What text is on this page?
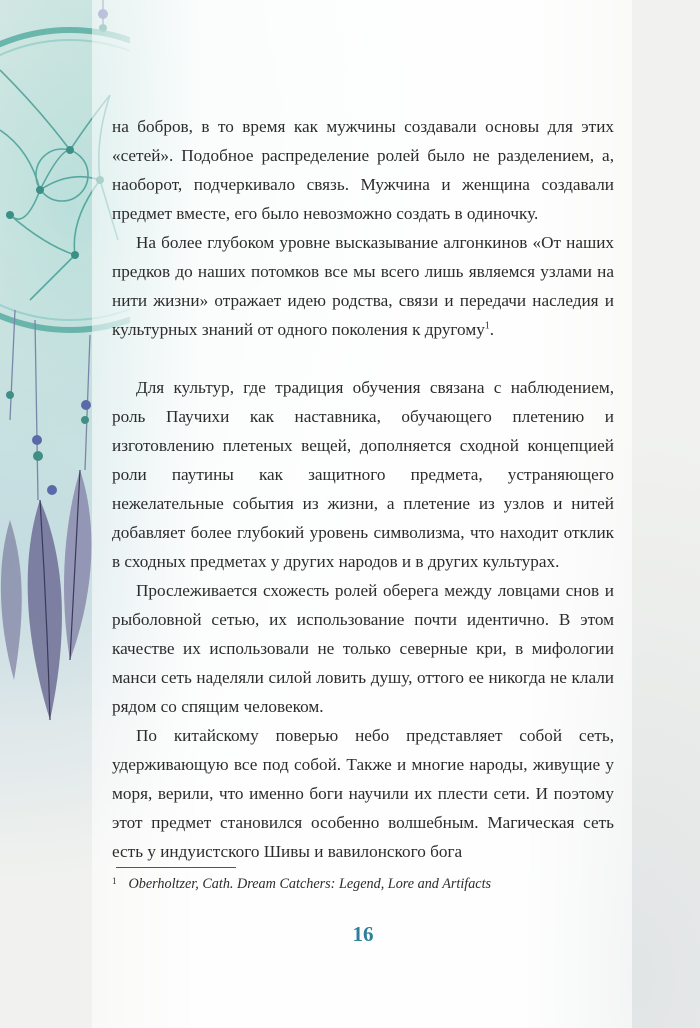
на бобров, в то время как мужчины создавали основы для этих «сетей». Подобное распределение ролей было не разделением, а, наоборот, подчеркивало связь. Мужчина и женщина создавали предмет вместе, его было невозможно создать в одиночку.

На более глубоком уровне высказывание алгонкинов «От наших предков до наших потомков все мы всего лишь являемся узлами на нити жизни» отражает идею родства, связи и передачи наследия и культурных знаний от одного поколения к другому$^1$.

Для культур, где традиция обучения связана с наблюдением, роль Паучихи как наставника, обучающего плетению и изготовлению плетеных вещей, дополняется сходной концепцией роли паутины как защитного предмета, устраняющего нежелательные события из жизни, а плетение из узлов и нитей добавляет более глубокий уровень символизма, что находит отклик в сходных предметах у других народов и в других культурах.

Прослеживается схожесть ролей оберега между ловцами снов и рыболовной сетью, их использование почти идентично. В этом качестве их использовали не только северные кри, в мифологии манси сеть наделяли силой ловить душу, оттого ее никогда не клали рядом со спящим человеком.

По китайскому поверью небо представляет собой сеть, удерживающую все под собой. Также и многие народы, живущие у моря, верили, что именно боги научили их плести сети. И поэтому этот предмет становился особенно волшебным. Магическая сеть есть у индуистского Шивы и вавилонского бога

$^1$ Oberholtzer, Cath. Dream Catchers: Legend, Lore and Artifacts
16
